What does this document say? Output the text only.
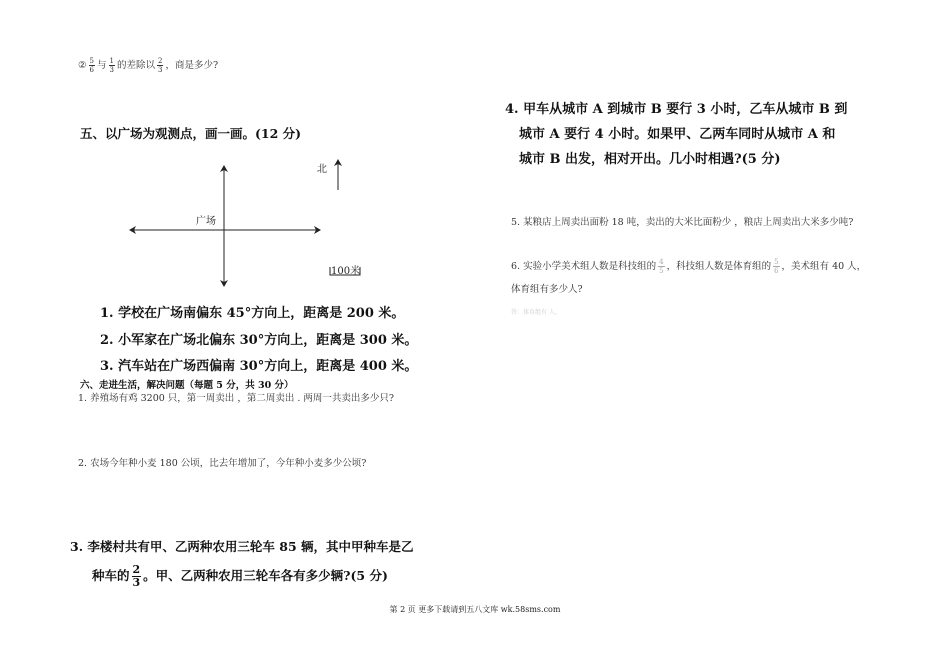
② $\frac{5}{6}$ 与 $\frac{1}{3}$ 的差除以 $\frac{2}{3}$ ，商是多少?
五、以广场为观测点，画一画。(12 分)
北
广场
100米
1. 学校在广场南偏东 45°方向上，距离是 200 米。
2. 小军家在广场北偏东 30°方向上，距离是 300 米。
3. 汽车站在广场西偏南 30°方向上，距离是 400 米。
六、走进生活，解决问题（每题 5 分，共 30 分）
1. 养殖场有鸡 3200 只，第一周卖出 ，第二周卖出 . 两周一共卖出多少只?
2. 农场今年种小麦 180 公顷，比去年增加了，今年种小麦多少公顷?
3. 李楼村共有甲、乙两种农用三轮车 85 辆，其中甲种车是乙
种车的 $\frac{2}{3}$ 。甲、乙两种农用三轮车各有多少辆?(5 分)
4. 甲车从城市 A 到城市 B 要行 3 小时，乙车从城市 B 到
城市 A 要行 4 小时。如果甲、乙两车同时从城市 A 和
城市 B 出发，相对开出。几小时相遇?(5 分)
5. 某粮店上周卖出面粉 18 吨，卖出的大米比面粉少 ，粮店上周卖出大米多少吨?
6. 实验小学美术组人数是科技组的 $\frac{4}{5}$ ，科技组人数是体育组的 $\frac{5}{6}$ ，美术组有 40 人，
体育组有多少人?
答：体育组有 人。
第 2 页 更多下载请到五八文库 wk.58sms.com
